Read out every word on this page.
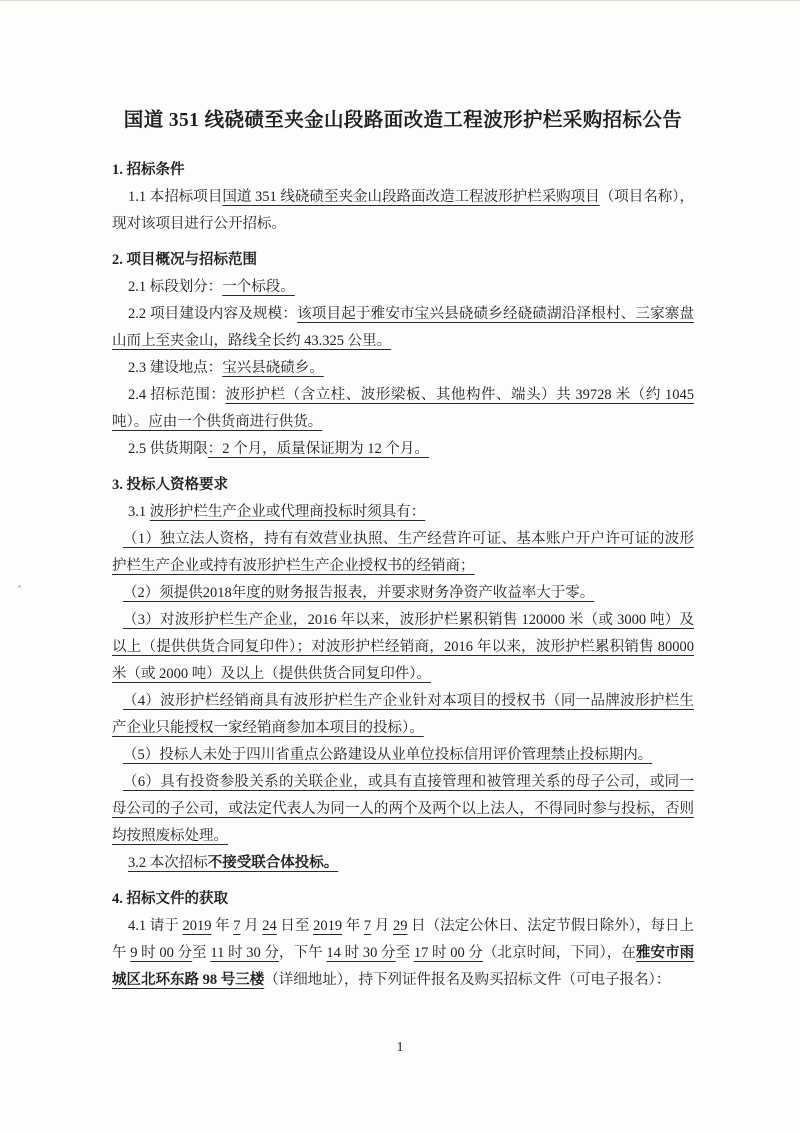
国道 351 线硗碛至夹金山段路面改造工程波形护栏采购招标公告

1. 招标条件

1.1 本招标项目国道 351 线硗碛至夹金山段路面改造工程波形护栏采购项目（项目名称），现对该项目进行公开招标。

2. 项目概况与招标范围

2.1 标段划分：一个标段。

2.2 项目建设内容及规模：该项目起于雅安市宝兴县硗碛乡经硗碛湖沿泽根村、三家寨盘山而上至夹金山，路线全长约 43.325 公里。

2.3 建设地点：宝兴县硗碛乡。

2.4 招标范围：波形护栏（含立柱、波形梁板、其他构件、端头）共 39728 米（约 1045 吨）。应由一个供货商进行供货。

2.5 供货期限：2 个月，质量保证期为 12 个月。

3. 投标人资格要求

3.1 波形护栏生产企业或代理商投标时须具有：

（1）独立法人资格，持有有效营业执照、生产经营许可证、基本账户开户许可证的波形护栏生产企业或持有波形护栏生产企业授权书的经销商；

（2）须提供2018年度的财务报告报表，并要求财务净资产收益率大于零。

（3）对波形护栏生产企业，2016 年以来，波形护栏累积销售 120000 米（或 3000 吨）及以上（提供供货合同复印件）；对波形护栏经销商，2016 年以来，波形护栏累积销售 80000 米（或 2000 吨）及以上（提供供货合同复印件）。

（4）波形护栏经销商具有波形护栏生产企业针对本项目的授权书（同一品牌波形护栏生产企业只能授权一家经销商参加本项目的投标）。

（5）投标人未处于四川省重点公路建设从业单位投标信用评价管理禁止投标期内。

（6）具有投资参股关系的关联企业，或具有直接管理和被管理关系的母子公司，或同一母公司的子公司，或法定代表人为同一人的两个及两个以上法人，不得同时参与投标，否则均按照废标处理。

3.2 本次招标不接受联合体投标。

4. 招标文件的获取

4.1 请于 2019 年 7 月 24 日至 2019 年 7 月 29 日（法定公休日、法定节假日除外），每日上午 9 时 00 分至 11 时 30 分，下午 14 时 30 分至 17 时 00 分（北京时间，下同），在雅安市雨城区北环东路 98 号三楼（详细地址），持下列证件报名及购买招标文件（可电子报名）：

1
